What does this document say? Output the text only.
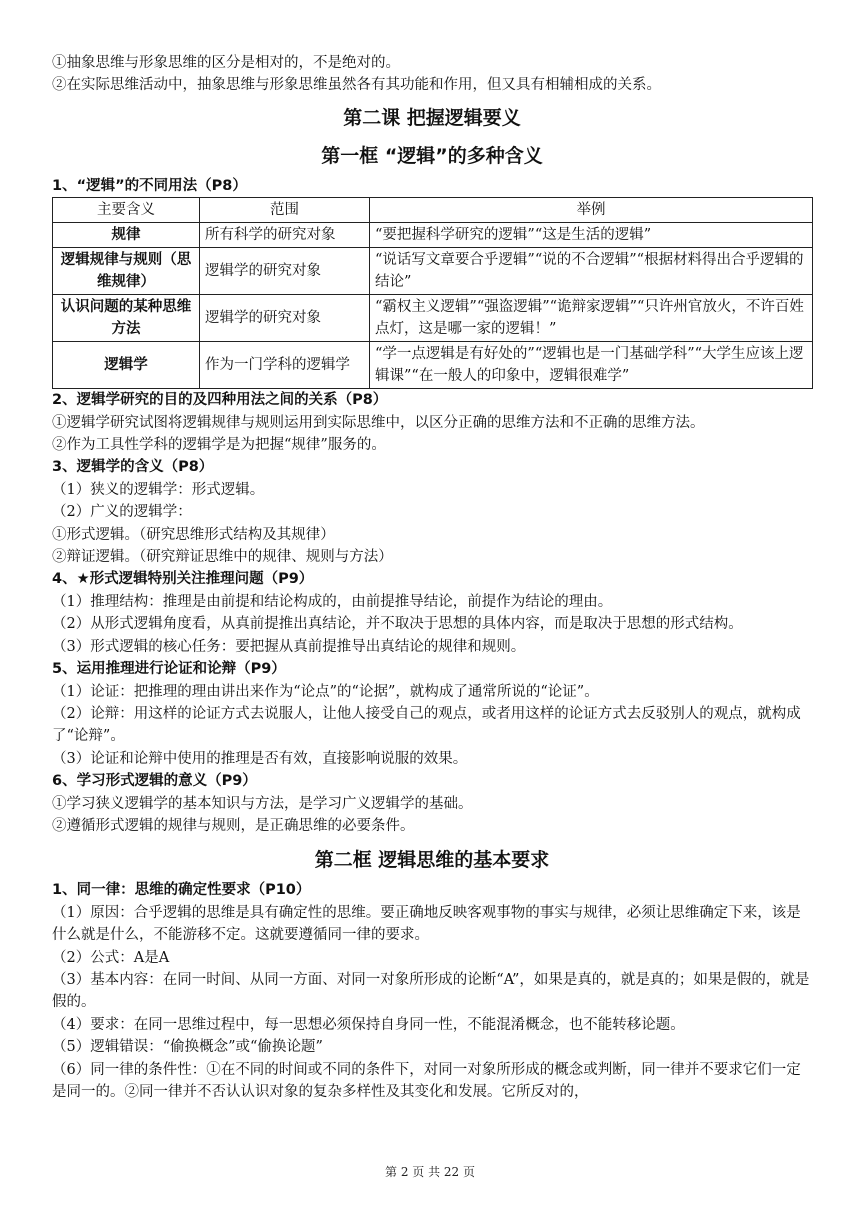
①抽象思维与形象思维的区分是相对的，不是绝对的。

②在实际思维活动中，抽象思维与形象思维虽然各有其功能和作用，但又具有相辅相成的关系。

第二课 把握逻辑要义

第一框 “逻辑”的多种含义

1、“逻辑”的不同用法（P8）

主要含义	范围	举例
规律	所有科学的研究对象	“要把握科学研究的逻辑”“这是生活的逻辑”
逻辑规律与规则（思维规律）	逻辑学的研究对象	“说话写文章要合乎逻辑”“说的不合逻辑”“根据材料得出合乎逻辑的结论”
认识问题的某种思维方法	逻辑学的研究对象	“霸权主义逻辑”“强盗逻辑”“诡辩家逻辑”“只许州官放火，不许百姓点灯，这是哪一家的逻辑！”
逻辑学	作为一门学科的逻辑学	“学一点逻辑是有好处的”“逻辑也是一门基础学科”“大学生应该上逻辑课”“在一般人的印象中，逻辑很难学”

2、逻辑学研究的目的及四种用法之间的关系（P8）

①逻辑学研究试图将逻辑规律与规则运用到实际思维中，以区分正确的思维方法和不正确的思维方法。

②作为工具性学科的逻辑学是为把握“规律”服务的。

3、逻辑学的含义（P8）

（1）狭义的逻辑学：形式逻辑。

（2）广义的逻辑学：

①形式逻辑。（研究思维形式结构及其规律）

②辩证逻辑。（研究辩证思维中的规律、规则与方法）

4、★形式逻辑特别关注推理问题（P9）

（1）推理结构：推理是由前提和结论构成的，由前提推导结论，前提作为结论的理由。

（2）从形式逻辑角度看，从真前提推出真结论，并不取决于思想的具体内容，而是取决于思想的形式结构。

（3）形式逻辑的核心任务：要把握从真前提推导出真结论的规律和规则。

5、运用推理进行论证和论辩（P9）

（1）论证：把推理的理由讲出来作为“论点”的“论据”，就构成了通常所说的“论证”。

（2）论辩：用这样的论证方式去说服人，让他人接受自己的观点，或者用这样的论证方式去反驳别人的观点，就构成了“论辩”。

（3）论证和论辩中使用的推理是否有效，直接影响说服的效果。

6、学习形式逻辑的意义（P9）

①学习狭义逻辑学的基本知识与方法，是学习广义逻辑学的基础。

②遵循形式逻辑的规律与规则，是正确思维的必要条件。

第二框 逻辑思维的基本要求

1、同一律：思维的确定性要求（P10）

（1）原因：合乎逻辑的思维是具有确定性的思维。要正确地反映客观事物的事实与规律，必须让思维确定下来，该是什么就是什么，不能游移不定。这就要遵循同一律的要求。

（2）公式：A是A

（3）基本内容：在同一时间、从同一方面、对同一对象所形成的论断“A”，如果是真的，就是真的；如果是假的，就是假的。

（4）要求：在同一思维过程中，每一思想必须保持自身同一性，不能混淆概念，也不能转移论题。

（5）逻辑错误：“偷换概念”或“偷换论题”

（6）同一律的条件性：①在不同的时间或不同的条件下，对同一对象所形成的概念或判断，同一律并不要求它们一定是同一的。②同一律并不否认认识对象的复杂多样性及其变化和发展。它所反对的，

第 2 页 共 22 页
